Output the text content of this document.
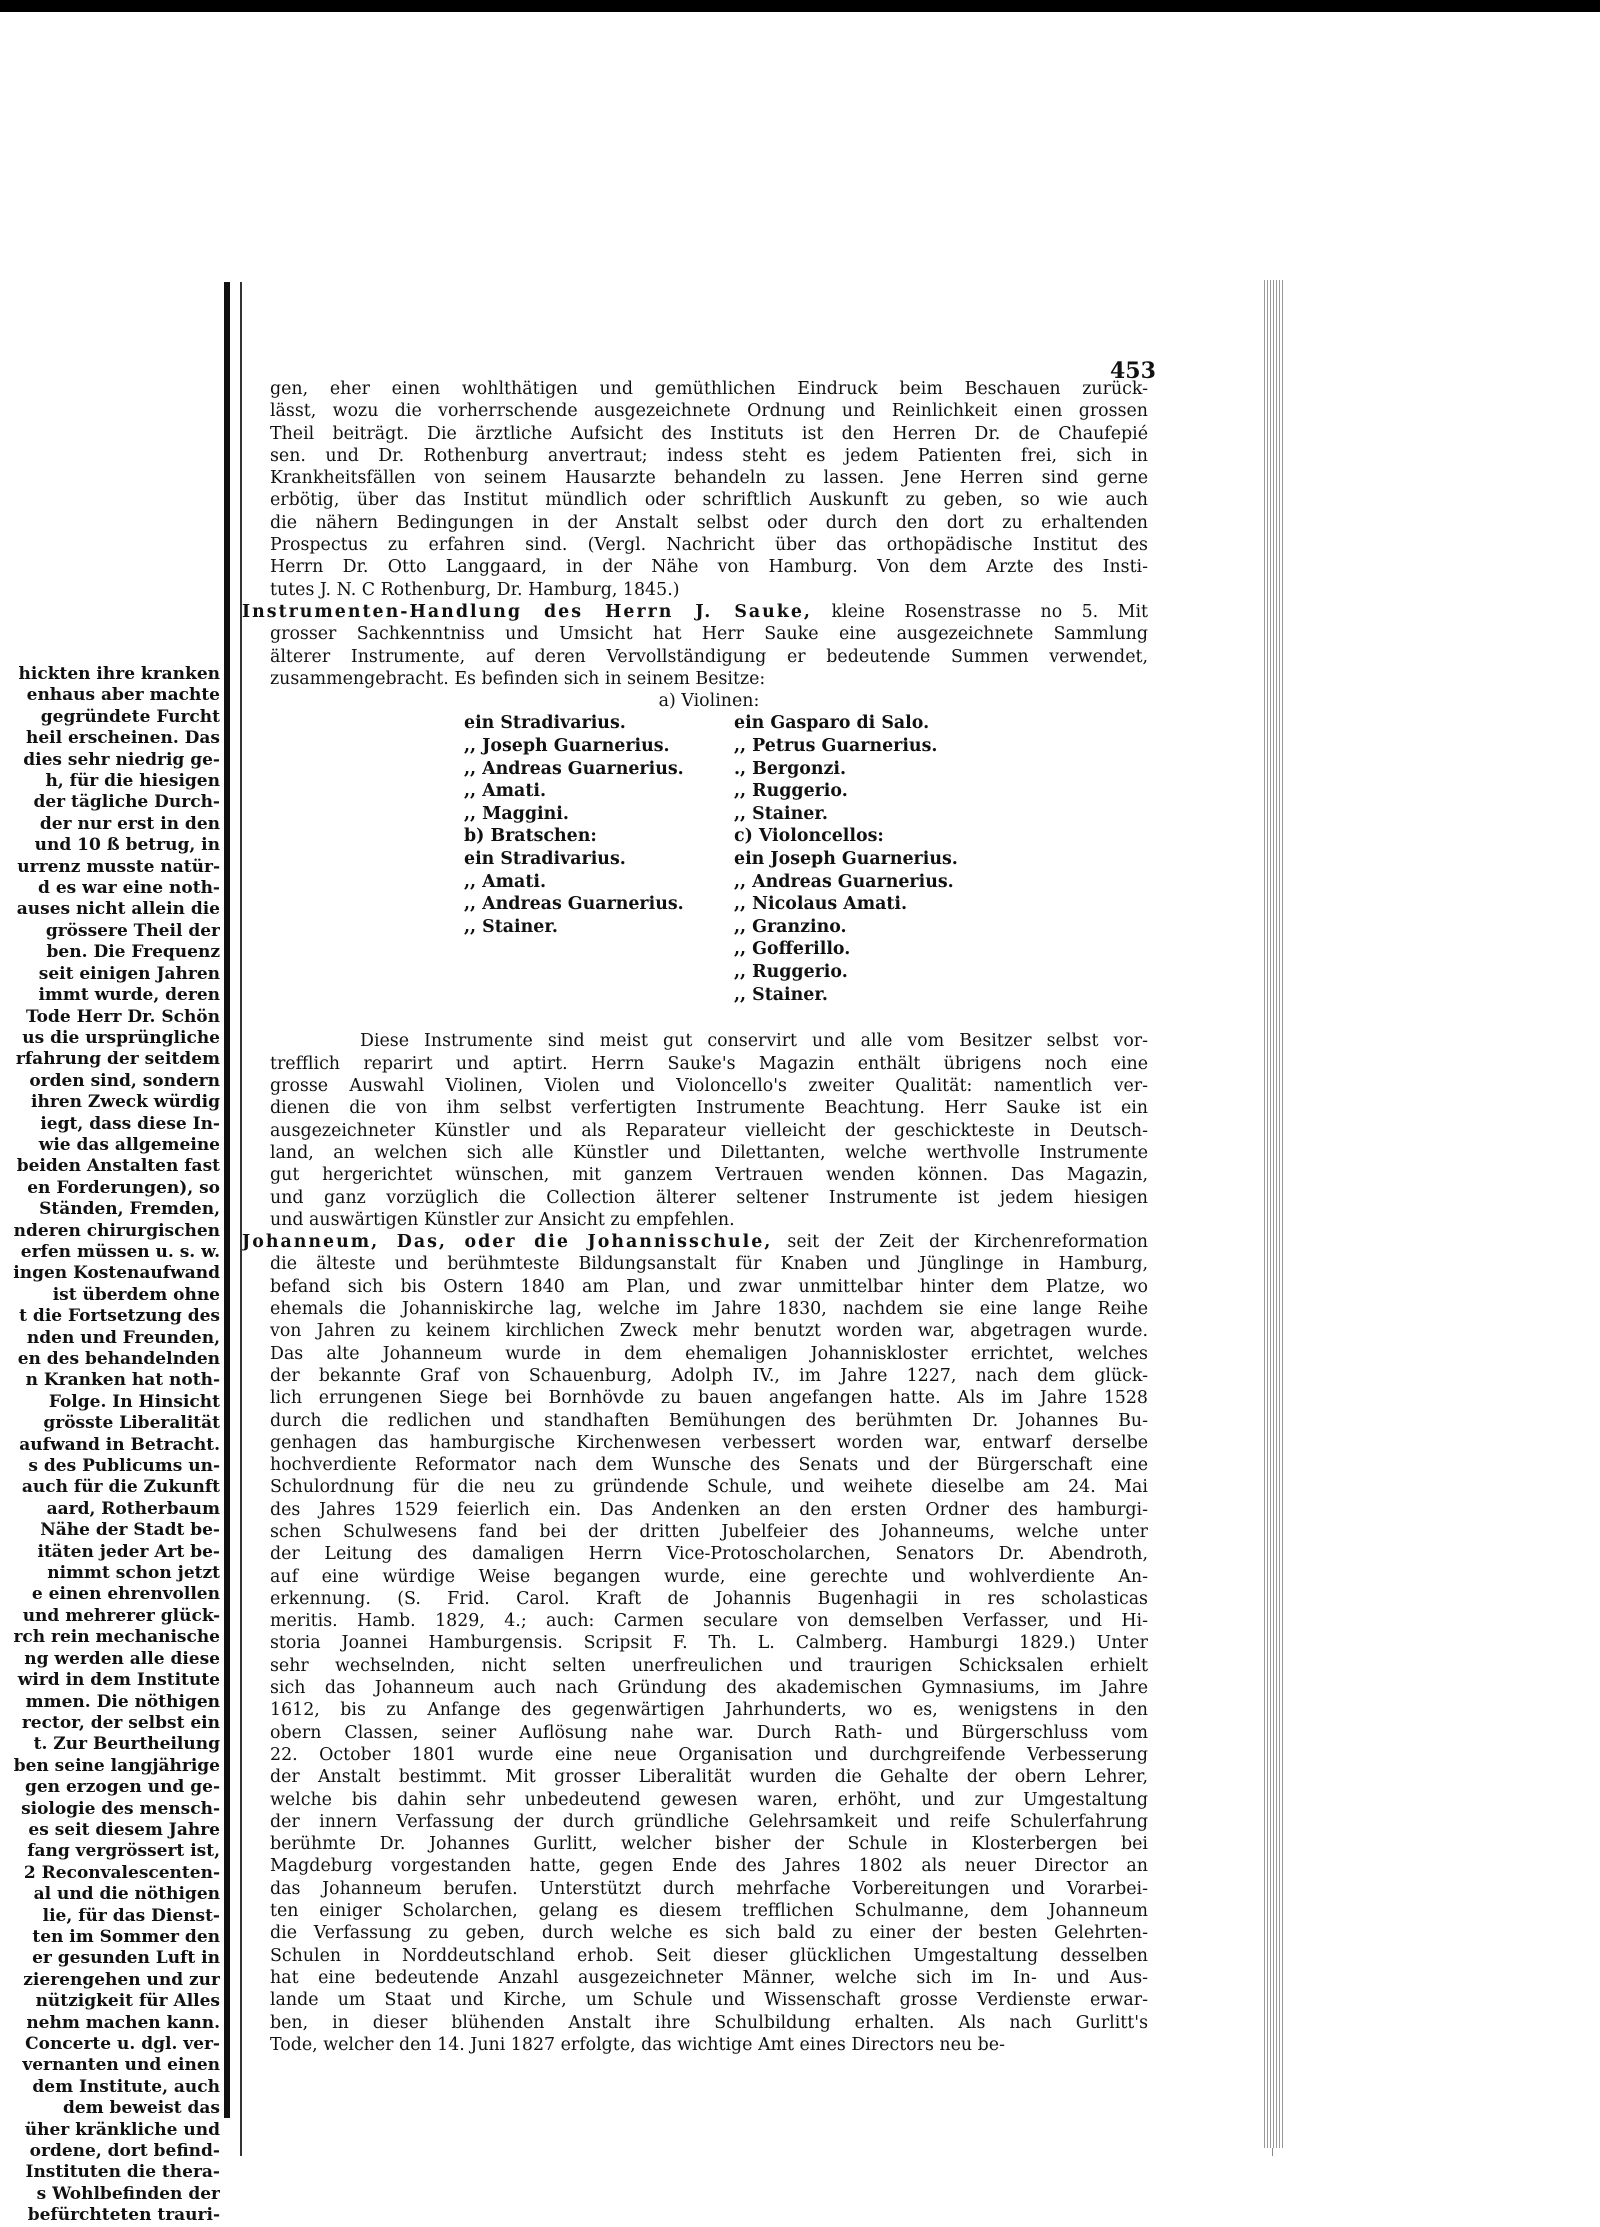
hickten ihre kranken
enhaus aber machte
gegründete Furcht
heil erscheinen. Das
dies sehr niedrig ge-
h, für die hiesigen
der tägliche Durch-
der nur erst in den
und 10 ß betrug, in
urrenz musste natür-
d es war eine noth-
auses nicht allein die
grössere Theil der
ben. Die Frequenz
seit einigen Jahren
immt wurde, deren
Tode Herr Dr. Schön
us die ursprüngliche
rfahrung der seitdem
orden sind, sondern
ihren Zweck würdig
iegt, dass diese In-
wie das allgemeine
beiden Anstalten fast
en Forderungen), so
Ständen, Fremden,
nderen chirurgischen
erfen müssen u. s. w.
ingen Kostenaufwand
ist überdem ohne
t die Fortsetzung des
nden und Freunden,
en des behandelnden
n Kranken hat noth-
Folge. In Hinsicht
grösste Liberalität
aufwand in Betracht.
s des Publicums un-
auch für die Zukunft
aard, Rotherbaum
Nähe der Stadt be-
itäten jeder Art be-
nimmt schon jetzt
e einen ehrenvollen
und mehrerer glück-
rch rein mechanische
ng werden alle diese
wird in dem Institute
mmen. Die nöthigen
rector, der selbst ein
t. Zur Beurtheilung
ben seine langjährige
gen erzogen und ge-
siologie des mensch-
es seit diesem Jahre
fang vergrössert ist,
2 Reconvalescenten-
al und die nöthigen
lie, für das Dienst-
ten im Sommer den
er gesunden Luft in
zierengehen und zur
nützigkeit für Alles
nehm machen kann.
Concerte u. dgl. ver-
vernanten und einen
dem Institute, auch
dem beweist das
üher kränkliche und
ordene, dort befind-
Instituten die thera-
s Wohlbefinden der
befürchteten trauri-
453
gen, eher einen wohlthätigen und gemüthlichen Eindruck beim Beschauen zurück-
lässt, wozu die vorherrschende ausgezeichnete Ordnung und Reinlichkeit einen grossen
Theil beiträgt. Die ärztliche Aufsicht des Instituts ist den Herren Dr. de Chaufepié
sen. und Dr. Rothenburg anvertraut; indess steht es jedem Patienten frei, sich in
Krankheitsfällen von seinem Hausarzte behandeln zu lassen. Jene Herren sind gerne
erbötig, über das Institut mündlich oder schriftlich Auskunft zu geben, so wie auch
die nähern Bedingungen in der Anstalt selbst oder durch den dort zu erhaltenden
Prospectus zu erfahren sind. (Vergl. Nachricht über das orthopädische Institut des
Herrn Dr. Otto Langgaard, in der Nähe von Hamburg. Von dem Arzte des Insti-
tutes J. N. C Rothenburg, Dr. Hamburg, 1845.)
Instrumenten-Handlung des Herrn J. Sauke, kleine Rosenstrasse no 5. Mit
grosser Sachkenntniss und Umsicht hat Herr Sauke eine ausgezeichnete Sammlung
älterer Instrumente, auf deren Vervollständigung er bedeutende Summen verwendet,
zusammengebracht. Es befinden sich in seinem Besitze:
a) Violinen:
ein Stradivarius.
,, Joseph Guarnerius.
,, Andreas Guarnerius.
,, Amati.
,, Maggini.
b) Bratschen:
ein Stradivarius.
,, Amati.
,, Andreas Guarnerius.
,, Stainer.
ein Gasparo di Salo.
,, Petrus Guarnerius.
., Bergonzi.
,, Ruggerio.
,, Stainer.
c) Violoncellos:
ein Joseph Guarnerius.
,, Andreas Guarnerius.
,, Nicolaus Amati.
,, Granzino.
,, Gofferillo.
,, Ruggerio.
,, Stainer.
Diese Instrumente sind meist gut conservirt und alle vom Besitzer selbst vor-
trefflich reparirt und aptirt. Herrn Sauke's Magazin enthält übrigens noch eine
grosse Auswahl Violinen, Violen und Violoncello's zweiter Qualität: namentlich ver-
dienen die von ihm selbst verfertigten Instrumente Beachtung. Herr Sauke ist ein
ausgezeichneter Künstler und als Reparateur vielleicht der geschickteste in Deutsch-
land, an welchen sich alle Künstler und Dilettanten, welche werthvolle Instrumente
gut hergerichtet wünschen, mit ganzem Vertrauen wenden können. Das Magazin,
und ganz vorzüglich die Collection älterer seltener Instrumente ist jedem hiesigen
und auswärtigen Künstler zur Ansicht zu empfehlen.
Johanneum, Das, oder die Johannisschule, seit der Zeit der Kirchenreformation
die älteste und berühmteste Bildungsanstalt für Knaben und Jünglinge in Hamburg,
befand sich bis Ostern 1840 am Plan, und zwar unmittelbar hinter dem Platze, wo
ehemals die Johanniskirche lag, welche im Jahre 1830, nachdem sie eine lange Reihe
von Jahren zu keinem kirchlichen Zweck mehr benutzt worden war, abgetragen wurde.
Das alte Johanneum wurde in dem ehemaligen Johanniskloster errichtet, welches
der bekannte Graf von Schauenburg, Adolph IV., im Jahre 1227, nach dem glück-
lich errungenen Siege bei Bornhövde zu bauen angefangen hatte. Als im Jahre 1528
durch die redlichen und standhaften Bemühungen des berühmten Dr. Johannes Bu-
genhagen das hamburgische Kirchenwesen verbessert worden war, entwarf derselbe
hochverdiente Reformator nach dem Wunsche des Senats und der Bürgerschaft eine
Schulordnung für die neu zu gründende Schule, und weihete dieselbe am 24. Mai
des Jahres 1529 feierlich ein. Das Andenken an den ersten Ordner des hamburgi-
schen Schulwesens fand bei der dritten Jubelfeier des Johanneums, welche unter
der Leitung des damaligen Herrn Vice-Protoscholarchen, Senators Dr. Abendroth,
auf eine würdige Weise begangen wurde, eine gerechte und wohlverdiente An-
erkennung. (S. Frid. Carol. Kraft de Johannis Bugenhagii in res scholasticas
meritis. Hamb. 1829, 4.; auch: Carmen seculare von demselben Verfasser, und Hi-
storia Joannei Hamburgensis. Scripsit F. Th. L. Calmberg. Hamburgi 1829.) Unter
sehr wechselnden, nicht selten unerfreulichen und traurigen Schicksalen erhielt
sich das Johanneum auch nach Gründung des akademischen Gymnasiums, im Jahre
1612, bis zu Anfange des gegenwärtigen Jahrhunderts, wo es, wenigstens in den
obern Classen, seiner Auflösung nahe war. Durch Rath- und Bürgerschluss vom
22. October 1801 wurde eine neue Organisation und durchgreifende Verbesserung
der Anstalt bestimmt. Mit grosser Liberalität wurden die Gehalte der obern Lehrer,
welche bis dahin sehr unbedeutend gewesen waren, erhöht, und zur Umgestaltung
der innern Verfassung der durch gründliche Gelehrsamkeit und reife Schulerfahrung
berühmte Dr. Johannes Gurlitt, welcher bisher der Schule in Klosterbergen bei
Magdeburg vorgestanden hatte, gegen Ende des Jahres 1802 als neuer Director an
das Johanneum berufen. Unterstützt durch mehrfache Vorbereitungen und Vorarbei-
ten einiger Scholarchen, gelang es diesem trefflichen Schulmanne, dem Johanneum
die Verfassung zu geben, durch welche es sich bald zu einer der besten Gelehrten-
Schulen in Norddeutschland erhob. Seit dieser glücklichen Umgestaltung desselben
hat eine bedeutende Anzahl ausgezeichneter Männer, welche sich im In- und Aus-
lande um Staat und Kirche, um Schule und Wissenschaft grosse Verdienste erwar-
ben, in dieser blühenden Anstalt ihre Schulbildung erhalten. Als nach Gurlitt's
Tode, welcher den 14. Juni 1827 erfolgte, das wichtige Amt eines Directors neu be-
